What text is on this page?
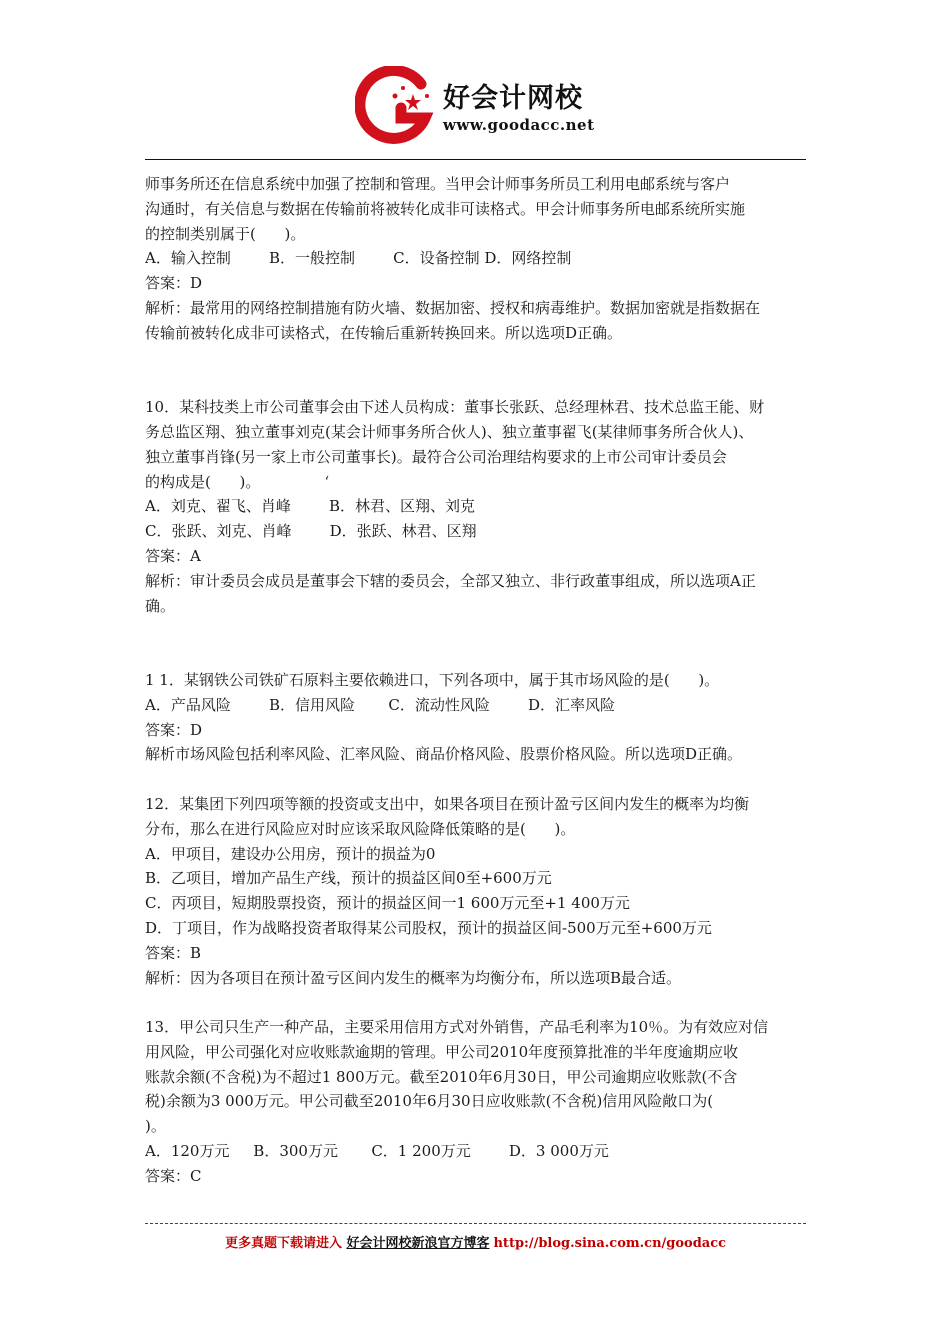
好会计网校
www.goodacc.net
师事务所还在信息系统中加强了控制和管理。当甲会计师事务所员工利用电邮系统与客户
沟通时，有关信息与数据在传输前将被转化成非可读格式。甲会计师事务所电邮系统所实施
的控制类别属于(      )。
A．输入控制        B．一般控制        C．设备控制 D．网络控制
答案：D
解析：最常用的网络控制措施有防火墙、数据加密、授权和病毒维护。数据加密就是指数据在
传输前被转化成非可读格式，在传输后重新转换回来。所以选项D正确。
10．某科技类上市公司董事会由下述人员构成：董事长张跃、总经理林君、技术总监王能、财
务总监区翔、独立董事刘克(某会计师事务所合伙人)、独立董事翟飞(某律师事务所合伙人)、
独立董事肖锋(另一家上市公司董事长)。最符合公司治理结构要求的上市公司审计委员会
的构成是(      )。	‘
A．刘克、翟飞、肖峰        B．林君、区翔、刘克
C．张跃、刘克、肖峰        D．张跃、林君、区翔
答案：A
解析：审计委员会成员是董事会下辖的委员会，全部又独立、非行政董事组成，所以选项A正
确。
1 1．某钢铁公司铁矿石原料主要依赖进口，下列各项中，属于其市场风险的是(      )。
A．产品风险        B．信用风险       C．流动性风险        D．汇率风险
答案：D
解析市场风险包括利率风险、汇率风险、商品价格风险、股票价格风险。所以选项D正确。
12．某集团下列四项等额的投资或支出中，如果各项目在预计盈亏区间内发生的概率为均衡
分布，那么在进行风险应对时应该采取风险降低策略的是(      )。
A．甲项目，建设办公用房，预计的损益为0
B．乙项目，增加产品生产线，预计的损益区间0至+600万元
C．丙项目，短期股票投资，预计的损益区间一1 600万元至+1 400万元
D．丁项目，作为战略投资者取得某公司股权，预计的损益区间-500万元至+600万元
答案：B
解析：因为各项目在预计盈亏区间内发生的概率为均衡分布，所以选项B最合适。
13．甲公司只生产一种产品，主要采用信用方式对外销售，产品毛利率为10％。为有效应对信
用风险，甲公司强化对应收账款逾期的管理。甲公司2010年度预算批准的半年度逾期应收
账款余额(不含税)为不超过1 800万元。截至2010年6月30日，甲公司逾期应收账款(不含
税)余额为3 000万元。甲公司截至2010年6月30日应收账款(不含税)信用风险敞口为(
)。
A．120万元     B．300万元       C．1 200万元        D．3 000万元
答案：C
更多真题下载请进入 好会计网校新浪官方博客 http://blog.sina.com.cn/goodacc
